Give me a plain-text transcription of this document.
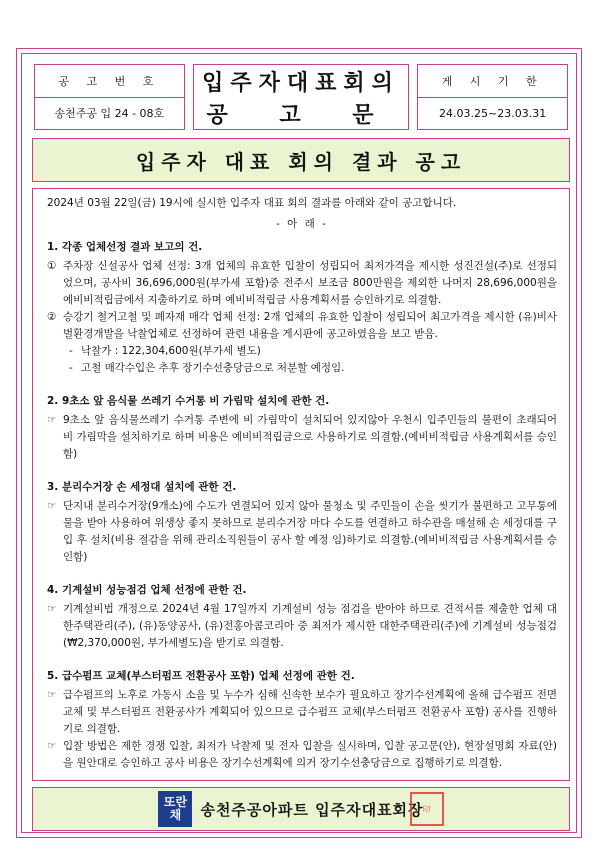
공 고 번 호
송천주공 입 24 - 08호
입주자대표회의
공 고 문
게 시 기 한
24.03.25~23.03.31
입주자 대표 회의 결과 공고
2024년 03월 22일(금) 19시에 실시한 입주자 대표 회의 결과를 아래와 같이 공고합니다.
- 아 래 -
1. 각종 업체선정 결과 보고의 건.
① 주차장 신설공사 업체 선정: 3개 업체의 유효한 입찰이 성립되어 최저가격을 제시한 성진건설(주)로 선정되었으며, 공사비 36,696,000원(부가세 포함)중 전주시 보조금 800만원을 제외한 나머지 28,696,000원을 예비비적립금에서 지출하기로 하며 예비비적립금 사용계획서를 승인하기로 의결함.
② 승강기 철거고철 및 폐자재 매각 업체 선정: 2개 업체의 유효한 입찰이 성립되어 최고가격을 제시한 (유)비사벌환경개발을 낙찰업체로 선정하여 관련 내용을 게시판에 공고하였음을 보고 받음.
- 낙찰가 : 122,304,600원(부가세 별도)
- 고철 매각수입은 추후 장기수선충당금으로 처분할 예정임.
2. 9초소 앞 음식물 쓰레기 수거통 비 가림막 설치에 관한 건.
☞ 9초소 앞 음식물쓰레기 수거통 주변에 비 가림막이 설치되어 있지않아 우천시 입주민들의 불편이 초래되어 비 가림막을 설치하기로 하며 비용은 예비비적립금으로 사용하기로 의결함.(예비비적립금 사용계획서를 승인함)
3. 분리수거장 손 세정대 설치에 관한 건.
☞ 단지내 분리수거장(9개소)에 수도가 연결되어 있지 않아 물청소 및 주민들이 손을 씻기가 불편하고 고무통에 물을 받아 사용하여 위생상 좋지 못하므로 분리수거장 마다 수도를 연결하고 하수관을 매설해 손 세정대를 구입 후 설치(비용 절감을 위해 관리소직원들이 공사 할 예정 임)하기로 의결함.(예비비적립금 사용계획서를 승인함)
4. 기계설비 성능점검 업체 선정에 관한 건.
☞ 기계설비법 개정으로 2024년 4월 17일까지 기계설비 성능 점검을 받아야 하므로 견적서를 제출한 업체 대한주택관리(주), (유)동양공사, (유)전홍아콤코리아 중 최저가 제시한 대한주택관리(주)에 기계설비 성능점검(₩2,370,000원, 부가세별도)을 받기로 의결함.
5. 급수펌프 교체(부스터펌프 전환공사 포함) 업체 선정에 관한 건.
☞ 급수펌프의 노후로 가동시 소음 및 누수가 심해 신속한 보수가 필요하고 장기수선계획에 올해 급수펌프 전면교체 및 부스터펌프 전환공사가 계획되어 있으므로 급수펌프 교체(부스터펌프 전환공사 포함) 공사를 진행하기로 의결함.
☞ 입찰 방법은 제한 경쟁 입찰, 최저가 낙찰제 및 전자 입찰을 실시하며, 입찰 공고문(안), 현장설명회 자료(안)을 원안대로 승인하고 공사 비용은 장기수선계획에 의거 장기수선충당금으로 집행하기로 의결함.
또란
채 송천주공아파트 입주자대표회장 印
